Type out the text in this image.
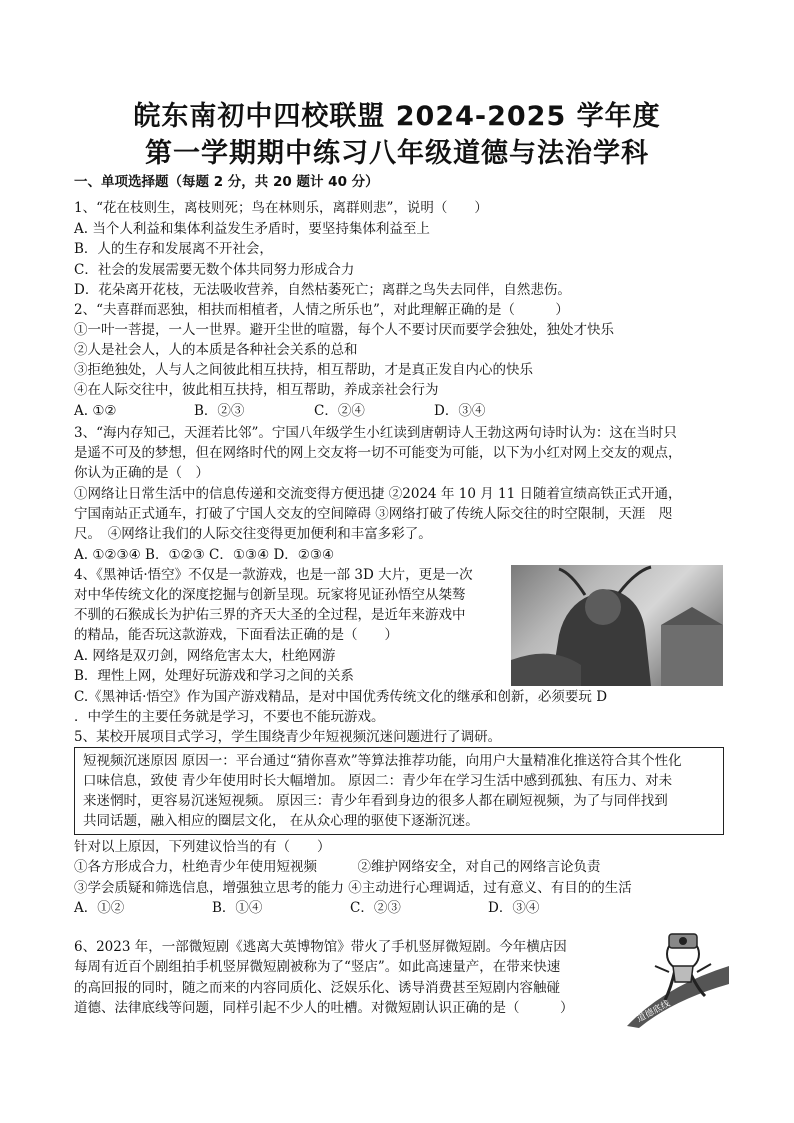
皖东南初中四校联盟 2024-2025 学年度
第一学期期中练习八年级道德与法治学科
一、单项选择题（每题 2 分，共 20 题计 40 分）
1、“花在枝则生，离枝则死；鸟在林则乐，离群则悲”，说明（　　）
A. 当个人利益和集体利益发生矛盾时，要坚持集体利益至上
B．人的生存和发展离不开社会，
C．社会的发展需要无数个体共同努力形成合力
D．花朵离开花枝，无法吸收营养，自然枯萎死亡；离群之鸟失去同伴，自然悲伤。
2、“夫喜群而恶独，相扶而相植者，人情之所乐也”，对此理解正确的是（　　　）
①一叶一菩提，一人一世界。避开尘世的喧嚣，每个人不要讨厌而要学会独处，独处才快乐
②人是社会人，人的本质是各种社会关系的总和
③拒绝独处，人与人之间彼此相互扶持，相互帮助，才是真正发自内心的快乐
④在人际交往中，彼此相互扶持，相互帮助，养成亲社会行为
A. ①②	B．②③	C．②④	D．③④
3、“海内存知己，天涯若比邻”。宁国八年级学生小红读到唐朝诗人王勃这两句诗时认为：这在当时只
是遥不可及的梦想，但在网络时代的网上交友将一切不可能变为可能，以下为小红对网上交友的观点，
你认为正确的是（　）
①网络让日常生活中的信息传递和交流变得方便迅捷 ②2024 年 10 月 11 日随着宣绩高铁正式开通，
宁国南站正式通车，打破了宁国人交友的空间障碍 ③网络打破了传统人际交往的时空限制，天涯　咫
尺。　④网络让我们的人际交往变得更加便利和丰富多彩了。
A. ①②③④ B．①②③ C．①③④ D．②③④
4、《黑神话·悟空》不仅是一款游戏，也是一部 3D 大片，更是一次
对中华传统文化的深度挖掘与创新呈现。玩家将见证孙悟空从桀骜
不驯的石猴成长为护佑三界的齐天大圣的全过程，是近年来游戏中
的精品，能否玩这款游戏，下面看法正确的是（　　）
A. 网络是双刃剑，网络危害太大，杜绝网游
B．理性上网，处理好玩游戏和学习之间的关系
C.《黑神话·悟空》作为国产游戏精品，是对中国优秀传统文化的继承和创新，必须要玩 D
．中学生的主要任务就是学习，不要也不能玩游戏。
5、某校开展项目式学习，学生围绕青少年短视频沉迷问题进行了调研。
短视频沉迷原因 原因一：平台通过“猜你喜欢”等算法推荐功能，向用户大量精准化推送符合其个性化
口味信息，致使 青少年使用时长大幅增加。 原因二：青少年在学习生活中感到孤独、有压力、对未
来迷惘时，更容易沉迷短视频。 原因三：青少年看到身边的很多人都在刷短视频，为了与同伴找到
共同话题，融入相应的圈层文化， 在从众心理的驱使下逐渐沉迷。
针对以上原因，下列建议恰当的有（　　）
①各方形成合力，杜绝青少年使用短视频　　　②维护网络安全，对自己的网络言论负责
③学会质疑和筛选信息，增强独立思考的能力 ④主动进行心理调适，过有意义、有目的的生活
A．①②	B．①④	C．②③	D．③④
6、2023 年，一部微短剧《逃离大英博物馆》带火了手机竖屏微短剧。今年横店因
每周有近百个剧组拍手机竖屏微短剧被称为了“竖店”。如此高速量产，在带来快速
的高回报的同时，随之而来的内容同质化、泛娱乐化、诱导消费甚至短剧内容触碰
道德、法律底线等问题，同样引起不少人的吐槽。对微短剧认识正确的是（　　　）	道德底线
